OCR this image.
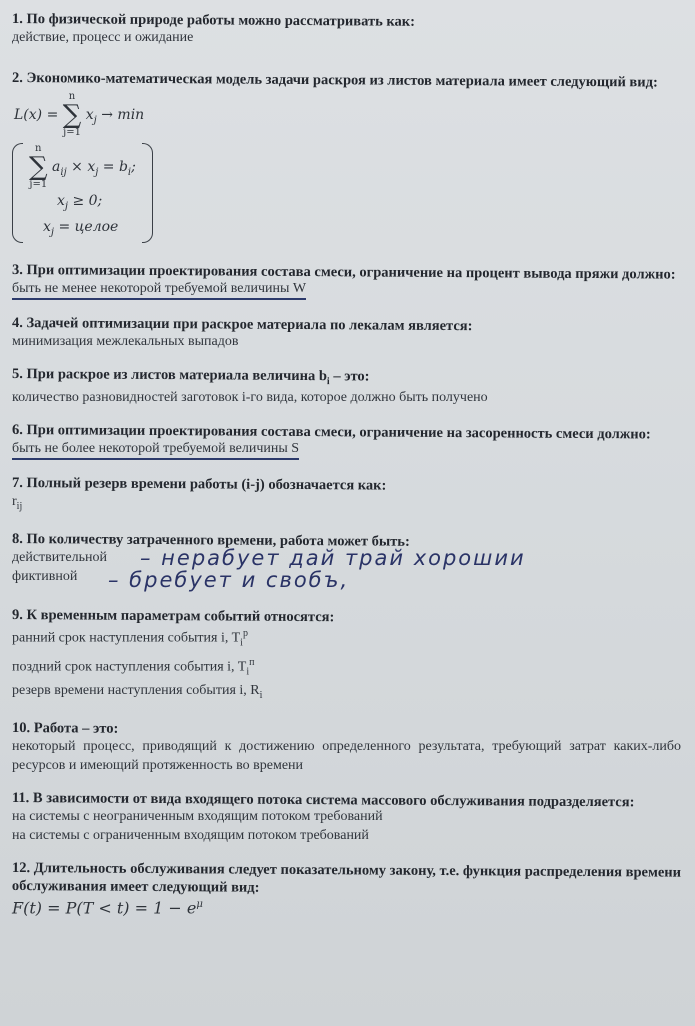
1. По физической природе работы можно рассматривать как:
действие, процесс и ожидание
2. Экономико-математическая модель задачи раскроя из листов материала имеет следующий вид:
L(x) =
n
∑
j=1
$x_j \to \min$
n
∑
j=1
$a_{ij} \times x_j = b_i$;
$x_j \ge 0$;
$x_j$ = целое
3. При оптимизации проектирования состава смеси, ограничение на процент вывода пряжи должно:
быть не менее некоторой требуемой величины W
4. Задачей оптимизации при раскрое материала по лекалам является:
минимизация межлекальных выпадов
5. При раскрое из листов материала величина $b_i$ – это:
количество разновидностей заготовок i-го вида, которое должно быть получено
6. При оптимизации проектирования состава смеси, ограничение на засоренность смеси должно:
быть не более некоторой требуемой величины S
7. Полный резерв времени работы (i-j) обозначается как:
$r_{ij}$
8. По количеству затраченного времени, работа может быть:
действительной
фиктивной
– нерабует дай трай хорошии
– бребует и свобъ,
9. К временным параметрам событий относятся:
ранний срок наступления события i, $T_i^p$
поздний срок наступления события i, $T_i^п$
резерв времени наступления события i, $R_i$
10. Работа – это:
некоторый процесс, приводящий к достижению определенного результата, требующий затрат каких-либо ресурсов и имеющий протяженность во времени
11. В зависимости от вида входящего потока система массового обслуживания подразделяется:
на системы с неограниченным входящим потоком требований
на системы с ограниченным входящим потоком требований
12. Длительность обслуживания следует показательному закону, т.е. функция распределения времени обслуживания имеет следующий вид:
$F(t) = P(T < t) = 1 - e^\mu$
